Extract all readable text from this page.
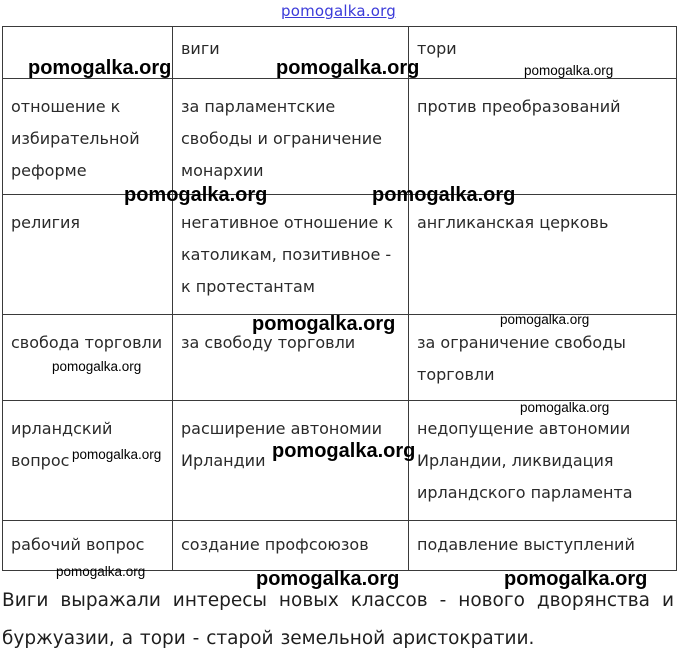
pomogalka.org
	виги	тори
отношение к избирательной реформе	за парламентские свободы и ограничение монархии	против преобразований
религия	негативное отношение к католикам, позитивное - к протестантам	англиканская церковь
свобода торговли	за свободу торговли	за ограничение свободы торговли
ирландский вопрос	расширение автономии Ирландии	недопущение автономии Ирландии, ликвидация ирландского парламента
рабочий вопрос	создание профсоюзов	подавление выступлений
Виги выражали интересы новых классов - нового дворянства и буржуазии, а тори - старой земельной аристократии.
pomogalka.org	pomogalka.org	pomogalka.org
pomogalka.org	pomogalka.org
pomogalka.org	pomogalka.org
pomogalka.org
pomogalka.org
pomogalka.org	pomogalka.org
pomogalka.org	pomogalka.org	pomogalka.org
